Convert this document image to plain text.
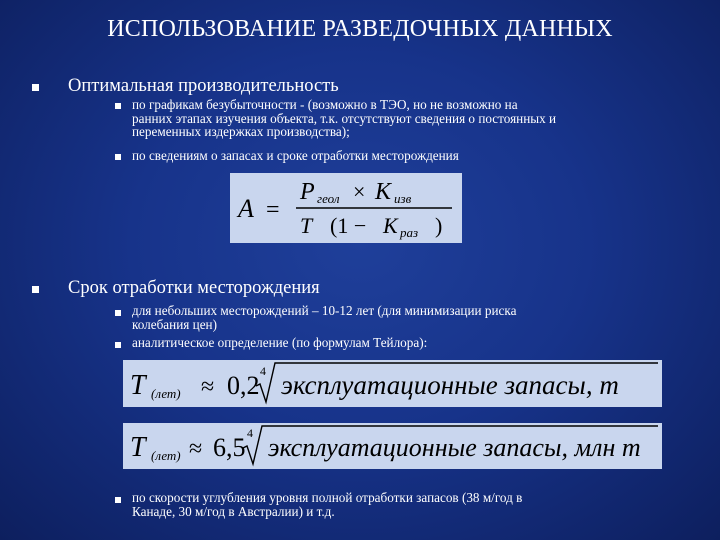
ИСПОЛЬЗОВАНИЕ РАЗВЕДОЧНЫХ ДАННЫХ
Оптимальная производительность
по графикам безубыточности - (возможно в ТЭО, но не возможно на
ранних этапах изучения объекта, т.к. отсутствуют сведения о постоянных и
переменных издержках производства);
по сведениям о запасах и сроке отработки месторождения
A =
P геол × K изв
T (1 − K раз )
Срок отработки месторождения
для небольших месторождений – 10-12 лет (для минимизации риска
колебания цен)
аналитическое определение (по формулам Тейлора):
T (лет) ≈ 0,2 4 эксплуатационные запасы, т
T (лет) ≈ 6,5 4 эксплуатационные запасы, млн т
по скорости углубления уровня полной отработки запасов (38 м/год в
Канаде, 30 м/год в Австралии) и т.д.
